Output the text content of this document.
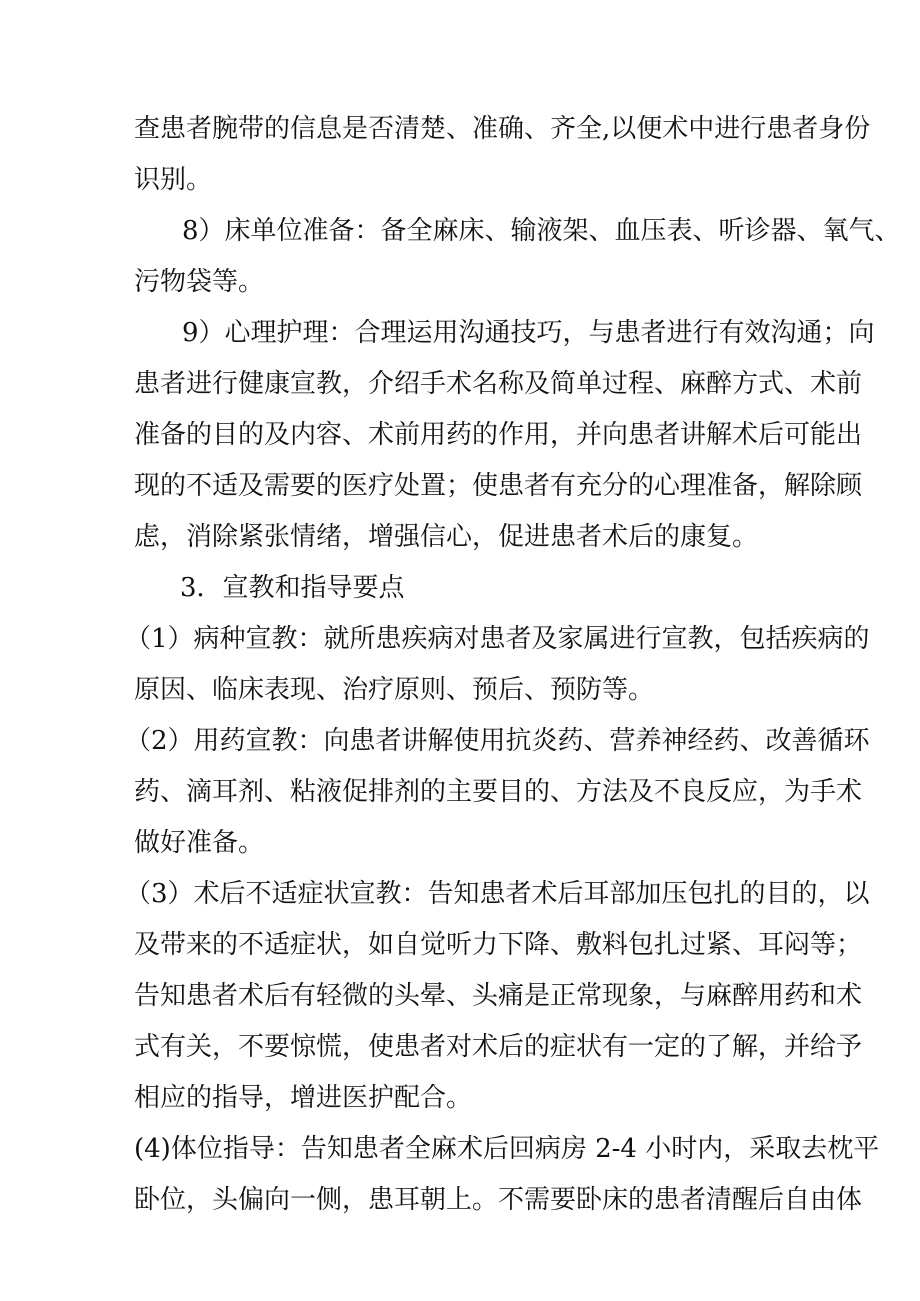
查患者腕带的信息是否清楚、准确、齐全,以便术中进行患者身份
识别。
8）床单位准备：备全麻床、输液架、血压表、听诊器、氧气、
污物袋等。
9）心理护理：合理运用沟通技巧，与患者进行有效沟通；向
患者进行健康宣教，介绍手术名称及简单过程、麻醉方式、术前
准备的目的及内容、术前用药的作用，并向患者讲解术后可能出
现的不适及需要的医疗处置；使患者有充分的心理准备，解除顾
虑，消除紧张情绪，增强信心，促进患者术后的康复。
3．宣教和指导要点
（1）病种宣教：就所患疾病对患者及家属进行宣教，包括疾病的
原因、临床表现、治疗原则、预后、预防等。
（2）用药宣教：向患者讲解使用抗炎药、营养神经药、改善循环
药、滴耳剂、粘液促排剂的主要目的、方法及不良反应，为手术
做好准备。
（3）术后不适症状宣教：告知患者术后耳部加压包扎的目的，以
及带来的不适症状，如自觉听力下降、敷料包扎过紧、耳闷等；
告知患者术后有轻微的头晕、头痛是正常现象，与麻醉用药和术
式有关，不要惊慌，使患者对术后的症状有一定的了解，并给予
相应的指导，增进医护配合。
(4)体位指导：告知患者全麻术后回病房 2-4 小时内，采取去枕平
卧位，头偏向一侧，患耳朝上。不需要卧床的患者清醒后自由体
